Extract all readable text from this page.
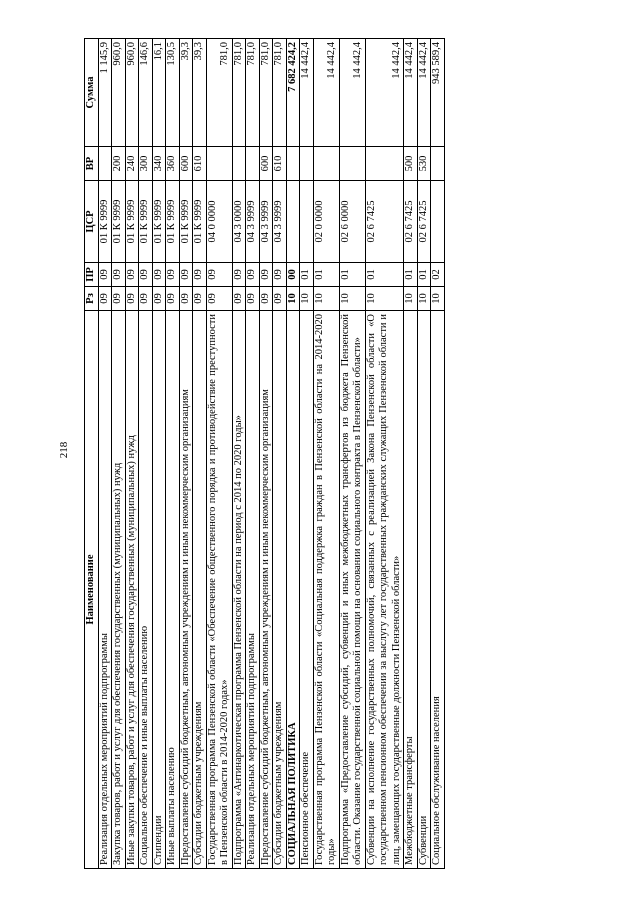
218
Наименование	Рз	ПР	ЦСР	ВР	Сумма
Реализация отдельных мероприятий подпрограммы	09	09	01 К 9999		1 145,9
Закупка товаров, работ и услуг для обеспечения государственных (муниципальных) нужд	09	09	01 К 9999	200	960,0
Иные закупки товаров, работ и услуг для обеспечения государственных (муниципальных) нужд	09	09	01 К 9999	240	960,0
Социальное обеспечение и иные выплаты населению	09	09	01 К 9999	300	146,6
Стипендии	09	09	01 К 9999	340	16,1
Иные выплаты населению	09	09	01 К 9999	360	130,5
Предоставление субсидий бюджетным, автономным учреждениям и иным некоммерческим организациям	09	09	01 К 9999	600	39,3
Субсидии бюджетным учреждениям	09	09	01 К 9999	610	39,3
Государственная программа Пензенской области «Обеспечение общественного порядка и противодействие преступности в Пензенской области в 2014-2020 годах»	09	09	04 0 0000		781,0
Подпрограмма «Антинаркотическая программа Пензенской области на период с 2014 по 2020 годы»	09	09	04 3 0000		781,0
Реализация отдельных мероприятий подпрограммы	09	09	04 3 9999		781,0
Предоставление субсидий бюджетным, автономным учреждениям и иным некоммерческим организациям	09	09	04 3 9999	600	781,0
Субсидии бюджетным учреждениям	09	09	04 3 9999	610	781,0
СОЦИАЛЬНАЯ ПОЛИТИКА	10	00			7 682 424,2
Пенсионное обеспечение	10	01			14 442,4
Государственная программа Пензенской области «Социальная поддержка граждан в Пензенской области на 2014-2020 годы»	10	01	02 0 0000		14 442,4
Подпрограмма «Предоставление субсидий, субвенций и иных межбюджетных трансфертов из бюджета Пензенской области. Оказание государственной социальной помощи на основании социального контракта в Пензенской области»	10	01	02 6 0000		14 442,4
Субвенции на исполнение государственных полномочий, связанных с реализацией Закона Пензенской области «О государственном пенсионном обеспечении за выслугу лет государственных гражданских служащих Пензенской области и лиц, замещающих государственные должности Пензенской области»	10	01	02 6 7425		14 442,4
Межбюджетные трансферты	10	01	02 6 7425	500	14 442,4
Субвенции	10	01	02 6 7425	530	14 442,4
Социальное обслуживание населения	10	02			943 589,4
